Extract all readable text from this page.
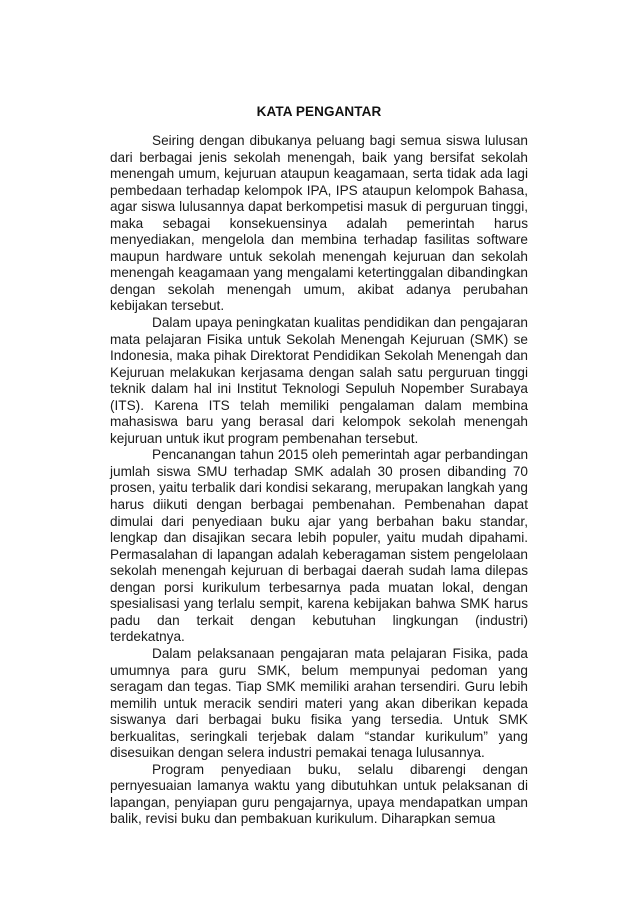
KATA PENGANTAR

Seiring dengan dibukanya peluang bagi semua siswa lulusan dari berbagai jenis sekolah menengah, baik yang bersifat sekolah menengah umum, kejuruan ataupun keagamaan, serta tidak ada lagi pembedaan terhadap kelompok IPA, IPS ataupun kelompok Bahasa, agar siswa lulusannya dapat berkompetisi masuk di perguruan tinggi, maka sebagai konsekuensinya adalah pemerintah harus menyediakan, mengelola dan membina terhadap fasilitas software maupun hardware untuk sekolah menengah kejuruan dan sekolah menengah keagamaan yang mengalami ketertinggalan dibandingkan dengan sekolah menengah umum, akibat adanya perubahan kebijakan tersebut.

Dalam upaya peningkatan kualitas pendidikan dan pengajaran mata pelajaran Fisika untuk Sekolah Menengah Kejuruan (SMK) se Indonesia, maka pihak Direktorat Pendidikan Sekolah Menengah dan Kejuruan melakukan kerjasama dengan salah satu perguruan tinggi teknik dalam hal ini Institut Teknologi Sepuluh Nopember Surabaya (ITS). Karena ITS telah memiliki pengalaman dalam membina mahasiswa baru yang berasal dari kelompok sekolah menengah kejuruan untuk ikut program pembenahan tersebut.

Pencanangan tahun 2015 oleh pemerintah agar perbandingan jumlah siswa SMU terhadap SMK adalah 30 prosen dibanding 70 prosen, yaitu terbalik dari kondisi sekarang, merupakan langkah yang harus diikuti dengan berbagai pembenahan. Pembenahan dapat dimulai dari penyediaan buku ajar yang berbahan baku standar, lengkap dan disajikan secara lebih populer, yaitu mudah dipahami. Permasalahan di lapangan adalah keberagaman sistem pengelolaan sekolah menengah kejuruan di berbagai daerah sudah lama dilepas dengan porsi kurikulum terbesarnya pada muatan lokal, dengan spesialisasi yang terlalu sempit, karena kebijakan bahwa SMK harus padu dan terkait dengan kebutuhan lingkungan (industri) terdekatnya.

Dalam pelaksanaan pengajaran mata pelajaran Fisika, pada umumnya para guru SMK, belum mempunyai pedoman yang seragam dan tegas. Tiap SMK memiliki arahan tersendiri. Guru lebih memilih untuk meracik sendiri materi yang akan diberikan kepada siswanya dari berbagai buku fisika yang tersedia. Untuk SMK berkualitas, seringkali terjebak dalam “standar kurikulum” yang disesuikan dengan selera industri pemakai tenaga lulusannya.

Program penyediaan buku, selalu dibarengi dengan pernyesuaian lamanya waktu yang dibutuhkan untuk pelaksanan di lapangan, penyiapan guru pengajarnya, upaya mendapatkan umpan balik, revisi buku dan pembakuan kurikulum. Diharapkan semua
